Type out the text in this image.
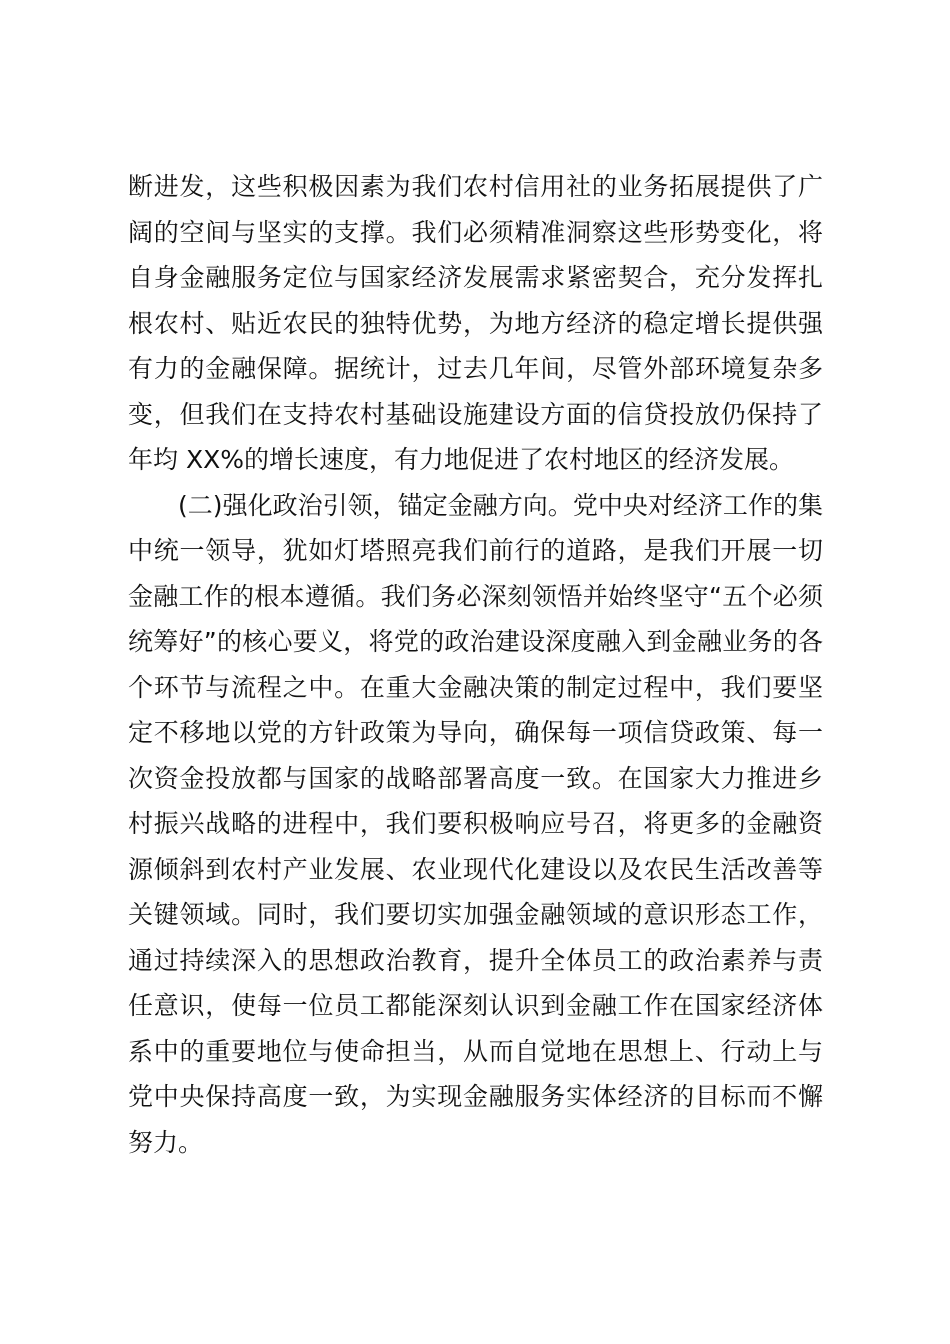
断进发，这些积极因素为我们农村信用社的业务拓展提供了广
阔的空间与坚实的支撑。我们必须精准洞察这些形势变化，将
自身金融服务定位与国家经济发展需求紧密契合，充分发挥扎
根农村、贴近农民的独特优势，为地方经济的稳定增长提供强
有力的金融保障。据统计，过去几年间，尽管外部环境复杂多
变，但我们在支持农村基础设施建设方面的信贷投放仍保持了
年均 XX%的增长速度，有力地促进了农村地区的经济发展。
(二)强化政治引领，锚定金融方向。党中央对经济工作的集
中统一领导，犹如灯塔照亮我们前行的道路，是我们开展一切
金融工作的根本遵循。我们务必深刻领悟并始终坚守“五个必须
统筹好”的核心要义，将党的政治建设深度融入到金融业务的各
个环节与流程之中。在重大金融决策的制定过程中，我们要坚
定不移地以党的方针政策为导向，确保每一项信贷政策、每一
次资金投放都与国家的战略部署高度一致。在国家大力推进乡
村振兴战略的进程中，我们要积极响应号召，将更多的金融资
源倾斜到农村产业发展、农业现代化建设以及农民生活改善等
关键领域。同时，我们要切实加强金融领域的意识形态工作，
通过持续深入的思想政治教育，提升全体员工的政治素养与责
任意识，使每一位员工都能深刻认识到金融工作在国家经济体
系中的重要地位与使命担当，从而自觉地在思想上、行动上与
党中央保持高度一致，为实现金融服务实体经济的目标而不懈
努力。
